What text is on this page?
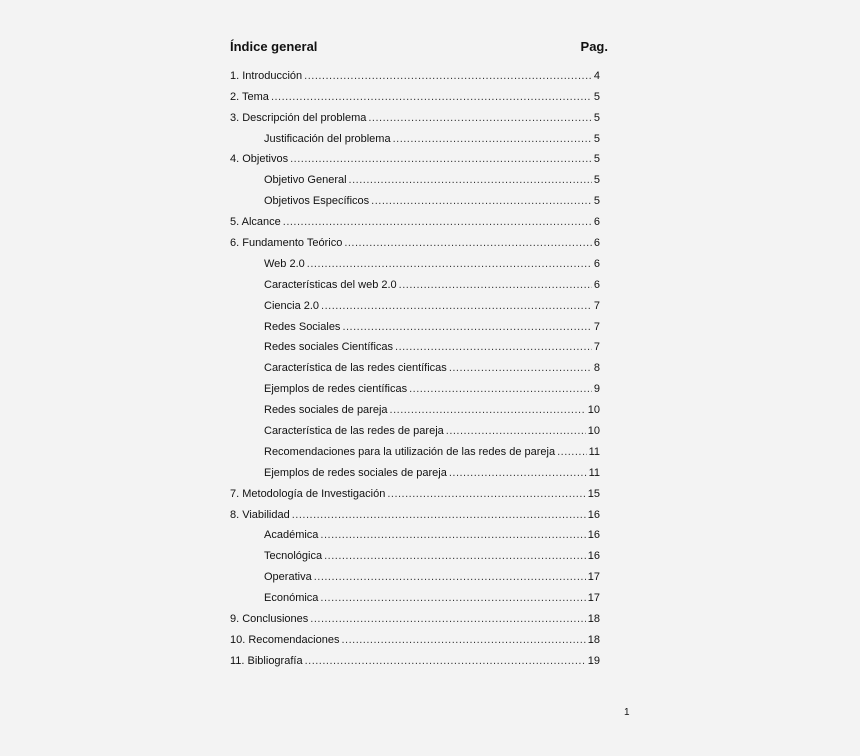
Índice general	Pag.
1. Introducción .....	4
2. Tema .....	5
3. Descripción del problema .....	5
Justificación del problema .....	5
4. Objetivos .....	5
Objetivo General .....	5
Objetivos Específicos .....	5
5. Alcance .....	6
6. Fundamento Teórico .....	6
Web 2.0 .....	6
Características del web 2.0 .....	6
Ciencia 2.0 .....	7
Redes Sociales .....	7
Redes sociales Científicas .....	7
Característica de las redes científicas .....	8
Ejemplos de redes científicas .....	9
Redes sociales de pareja .....	10
Característica de las redes de pareja .....	10
Recomendaciones para la utilización de las redes de pareja .....	11
Ejemplos de redes sociales de pareja .....	11
7. Metodología de Investigación .....	15
8. Viabilidad .....	16
Académica .....	16
Tecnológica .....	16
Operativa .....	17
Económica .....	17
9. Conclusiones .....	18
10. Recomendaciones .....	18
11. Bibliografía .....	19
1
